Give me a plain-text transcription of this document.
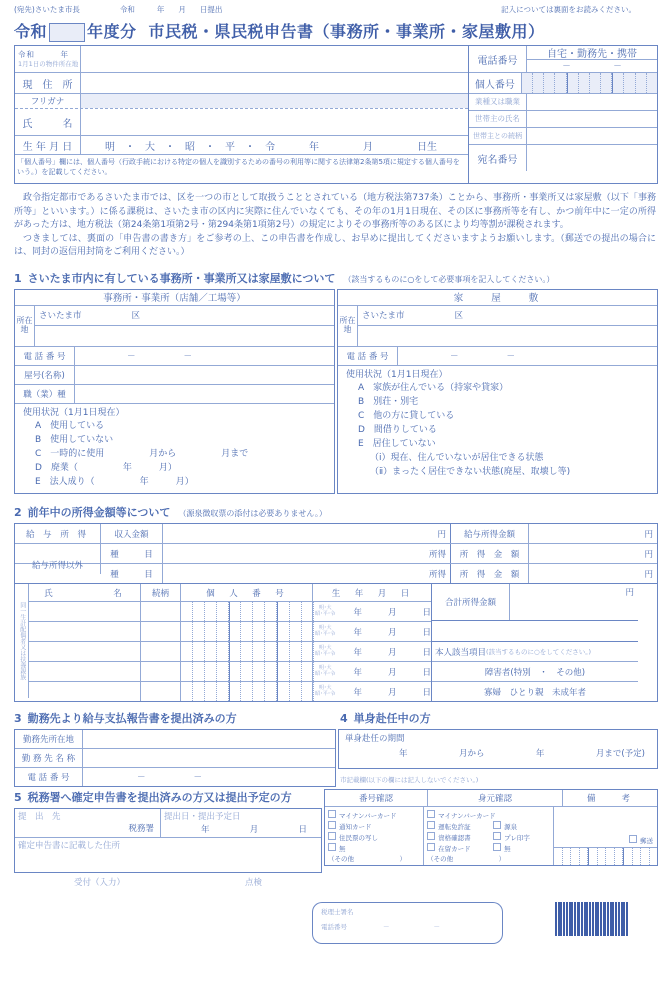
(宛先)さいたま市長	令和	年 月 日提出	記入については裏面をお読みください。
令和	年度分 市民税・県民税申告書（事務所・事業所・家屋敷用）
令和　　　年
1月1日の物件所在地
現　住　所
フリガナ
氏　　　名
生 年 月 日	明　・　大　・　昭　・　平　・　令	年	月	日生
「個人番号」欄には、個人番号（行政手続における特定の個人を識別するための番号の利用等に関する法律第2条第5項に規定する個人番号をいう。）を記載してください。
電話番号
自宅・勤務先・携帯
－	－
個人番号
業種又は職業
世帯主の氏名
世帯主との続柄
宛名番号

政令指定都市であるさいたま市では、区を一つの市として取扱うこととされている（地方税法第737条）ことから、事務所・事業所又は家屋敷（以下「事務所等」といいます。）に係る課税は、さいたま市の区内に実際に住んでいなくても、その年の1月1日現在、その区に事務所等を有し、かつ前年中に一定の所得があった方は、地方税法（第24条第1項第2号・第294条第1項第2号）の規定によりその事務所等のある区により均等割が課税されます。

つきましては、裏面の「申告書の書き方」をご参考の上、この申告書を作成し、お早めに提出してくださいますようお願いします。（郵送での提出の場合には、同封の返信用封筒をご利用ください。）

1 さいたま市内に有している事務所・事業所又は家屋敷について （該当するものに○をして必要事項を記入してください。）
事務所・事業所（店舗／工場等）
所在地
さいたま市	区
電 話 番 号	－	－
屋号(名称)
職（業）種
使用状況（1月1日現在）
A　使用している
B　使用していない
C　一時的に使用　　　　　月から　　　　　月まで
D　廃業（　　　　　年　　　月）
E　法人成り（　　　　　年　　　月）
家　　屋　　敷
所在地
さいたま市	区
電 話 番 号	－	－
使用状況（1月1日現在）
A　家族が住んでいる（持家や貸家）
B　別荘・別宅
C　他の方に貸している
D　間借りしている
E　居住していない
（ⅰ）現在、住んでいないが居住できる状態
（ⅱ）まったく居住できない状態(廃屋、取壊し等)
2 前年中の所得金額等について （源泉徴収票の添付は必要ありません。）
給 与 所 得	収入金額	円	給与所得金額	円
種　　　目	所得	所　得　金　額	円
給与所得以外
種　　　目	所得	所　得　金　額	円
同一生計配偶者又は扶養親族
氏　　　　　名	続柄	個　人　番　号	生　年　月　日
明･大
昭･平･令 年	月	日
明･大
昭･平･令 年	月	日
明･大
昭･平･令 年	月	日
明･大
昭･平･令 年	月	日
明･大
昭･平･令 年	月	日
合計所得金額
円
本人該当項目 (該当するものに○をしてください。)
障害者(特別　・　その他)
寡婦　ひとり親　未成年者
3 勤務先より給与支払報告書を提出済みの方
勤務先所在地
勤 務 先 名 称
電 話 番 号	－	－
4 単身赴任中の方
単身赴任の期間
年	月から	年	月まで(予定)
市記載欄(以下の欄には記入しないでください。)
5 税務署へ確定申告書を提出済みの方又は提出予定の方
提　出　先
税務署
提出日・提出予定日
年	月	日
確定申告書に記載した住所
受付（入力）	点検
番号確認	身元確認	備　　考
マイナンバーカード
通知カード
住民票の写し
無
（その他　　　　　　　）
マイナンバーカード
運転免許証	源泉
資格確認書	プレ印字
在留カード	無
（その他　　　　　　　）
郵送
税理士署名
電話番号	－	－
